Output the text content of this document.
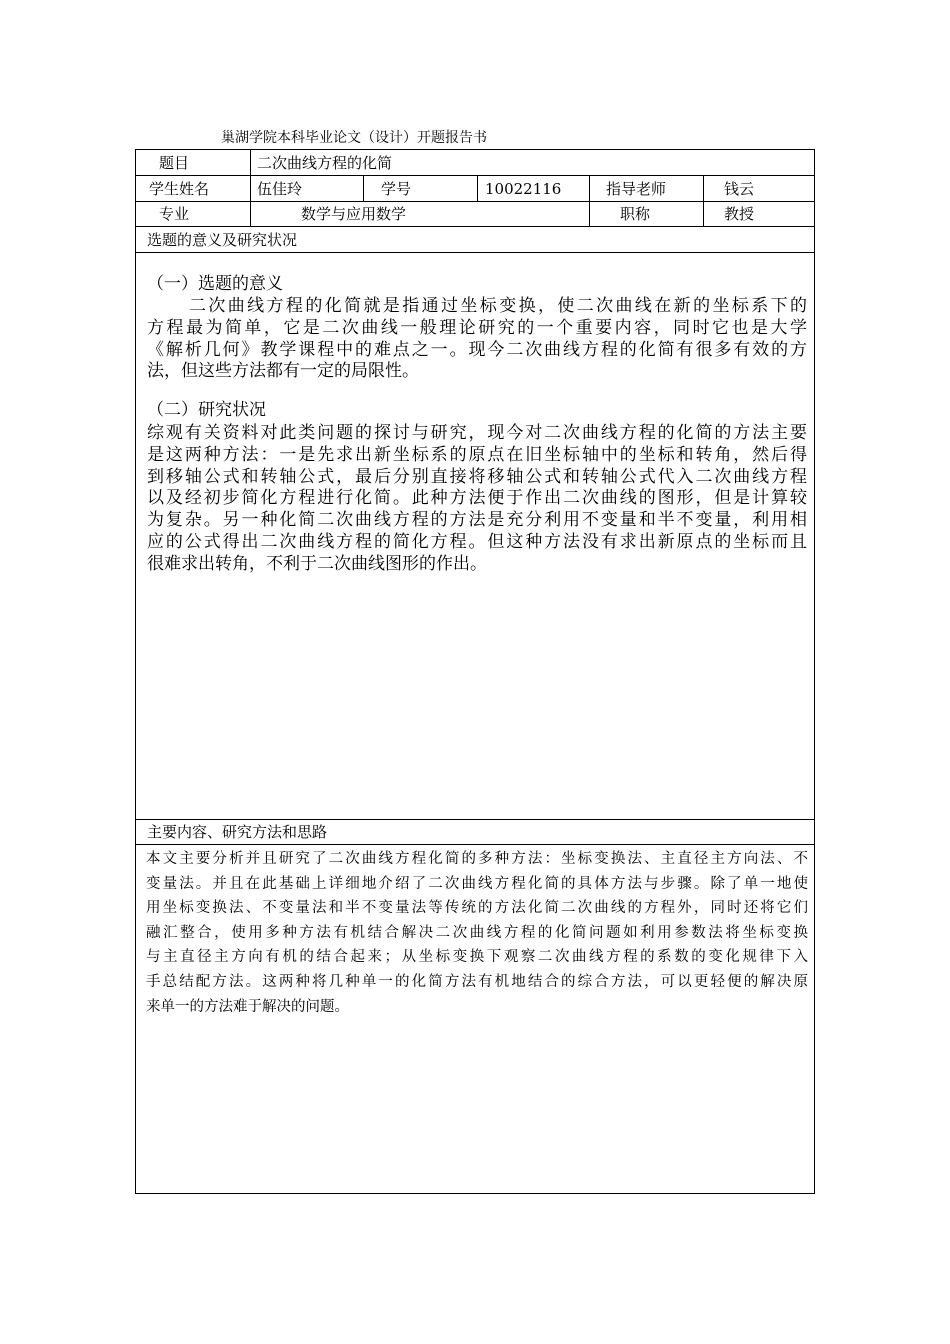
巢湖学院本科毕业论文（设计）开题报告书
题目	二次曲线方程的化简
学生姓名	伍佳玲	学号	10022116	指导老师	钱云
专业	数学与应用数学	职称	教授
选题的意义及研究状况
（一）选题的意义
二次曲线方程的化简就是指通过坐标变换，使二次曲线在新的坐标系下的
方程最为简单，它是二次曲线一般理论研究的一个重要内容，同时它也是大学
《解析几何》教学课程中的难点之一。现今二次曲线方程的化简有很多有效的方
法，但这些方法都有一定的局限性。
（二）研究状况
综观有关资料对此类问题的探讨与研究，现今对二次曲线方程的化简的方法主要
是这两种方法：一是先求出新坐标系的原点在旧坐标轴中的坐标和转角，然后得
到移轴公式和转轴公式，最后分别直接将移轴公式和转轴公式代入二次曲线方程
以及经初步简化方程进行化简。此种方法便于作出二次曲线的图形，但是计算较
为复杂。另一种化简二次曲线方程的方法是充分利用不变量和半不变量，利用相
应的公式得出二次曲线方程的简化方程。但这种方法没有求出新原点的坐标而且
很难求出转角，不利于二次曲线图形的作出。
主要内容、研究方法和思路
本文主要分析并且研究了二次曲线方程化简的多种方法：坐标变换法、主直径主方向法、不
变量法。并且在此基础上详细地介绍了二次曲线方程化简的具体方法与步骤。除了单一地使
用坐标变换法、不变量法和半不变量法等传统的方法化简二次曲线的方程外，同时还将它们
融汇整合，使用多种方法有机结合解决二次曲线方程的化简问题如利用参数法将坐标变换
与主直径主方向有机的结合起来；从坐标变换下观察二次曲线方程的系数的变化规律下入
手总结配方法。这两种将几种单一的化简方法有机地结合的综合方法，可以更轻便的解决原
来单一的方法难于解决的问题。
